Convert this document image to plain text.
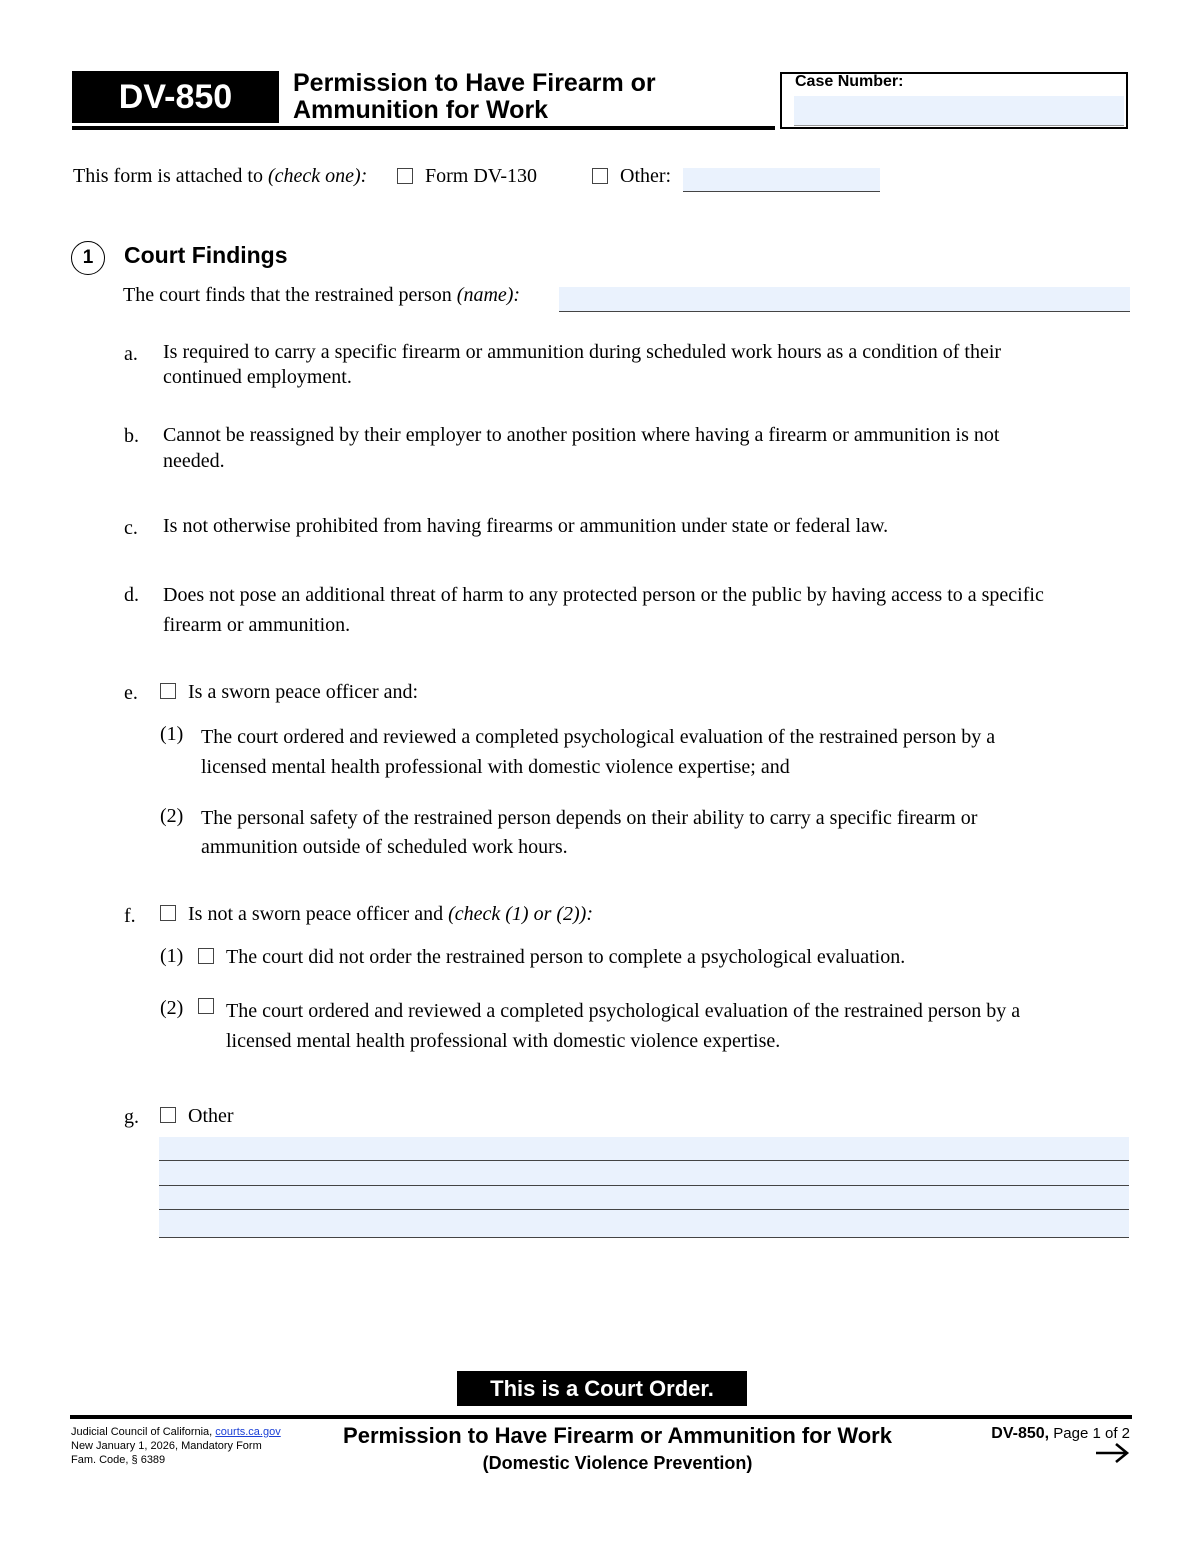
DV-850	Permission to Have Firearm or
Ammunition for Work
Case Number:
This form is attached to (check one):	Form DV-130	Other:
1	Court Findings
The court finds that the restrained person (name):
a. Is required to carry a specific firearm or ammunition during scheduled work hours as a condition of their
continued employment.
b. Cannot be reassigned by their employer to another position where having a firearm or ammunition is not
needed.
c. Is not otherwise prohibited from having firearms or ammunition under state or federal law.
d. Does not pose an additional threat of harm to any protected person or the public by having access to a specific
firearm or ammunition.
e.	Is a sworn peace officer and:
(1) The court ordered and reviewed a completed psychological evaluation of the restrained person by a
licensed mental health professional with domestic violence expertise; and
(2) The personal safety of the restrained person depends on their ability to carry a specific firearm or
ammunition outside of scheduled work hours.
f.	Is not a sworn peace officer and (check (1) or (2)):
(1) The court did not order the restrained person to complete a psychological evaluation.
(2) The court ordered and reviewed a completed psychological evaluation of the restrained person by a
licensed mental health professional with domestic violence expertise.
g. Other
This is a Court Order.
Judicial Council of California, courts.ca.gov
New January 1, 2026, Mandatory Form
Fam. Code, § 6389
Permission to Have Firearm or Ammunition for Work
(Domestic Violence Prevention)
DV-850, Page 1 of 2
